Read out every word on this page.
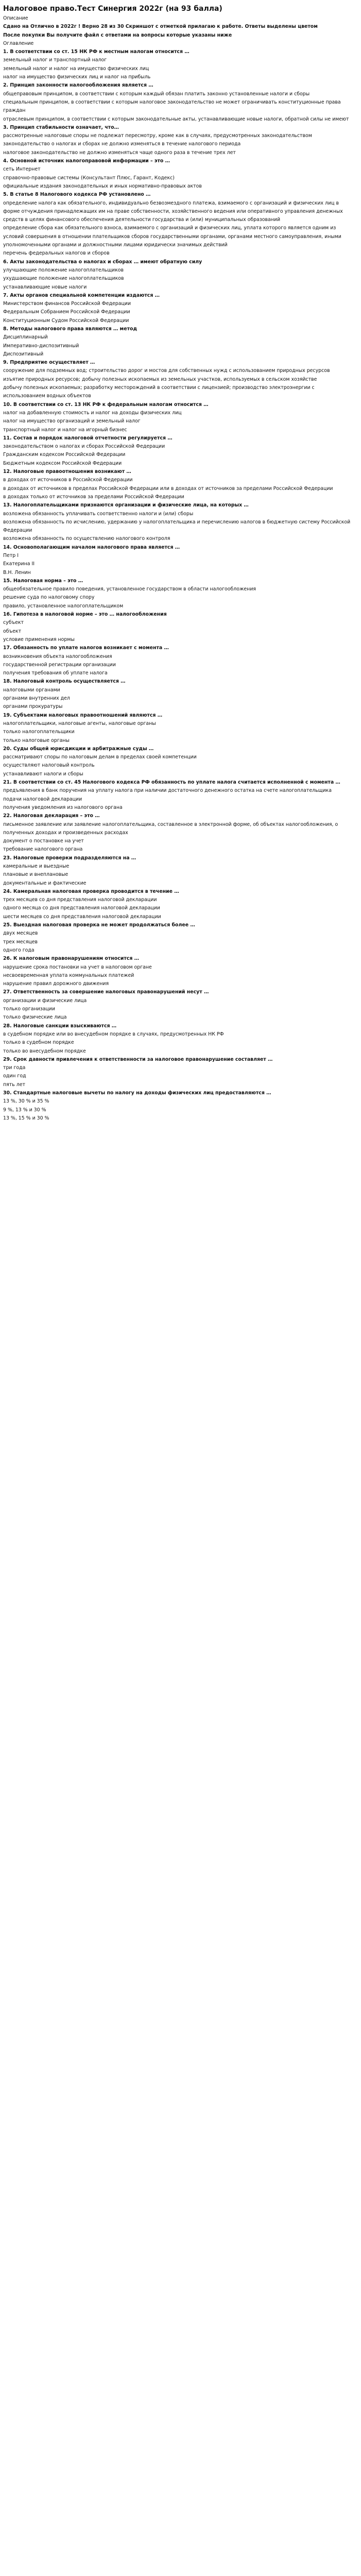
Налоговое право.Тест Синергия 2022г (на 93 балла)

Описание

Сдано на Отлично в 2022г ! Верно 28 из 30 Скриншот с отметкой прилагаю к работе. Ответы выделены цветом

После покупки Вы получите файл с ответами на вопросы которые указаны ниже

Оглавление

1. В соответствии со ст. 15 НК РФ к местным налогам относится …

земельный налог и транспортный налог

земельный налог и налог на имущество физических лиц

налог на имущество физических лиц и налог на прибыль

2. Принцип законности налогообложения является …

общеправовым принципом, в соответствии с которым каждый обязан платить законно установленные налоги и сборы

специальным принципом, в соответствии с которым налоговое законодательство не может ограничивать конституционные права граждан

отраслевым принципом, в соответствии с которым законодательные акты, устанавливающие новые налоги, обратной силы не имеют

3. Принцип стабильности означает, что…

рассмотренные налоговые споры не подлежат пересмотру, кроме как в случаях, предусмотренных законодательством

законодательство о налогах и сборах не должно изменяться в течение налогового периода

налоговое законодательство не должно изменяться чаще одного раза в течение трех лет

4. Основной источник налогоправовой информации – это …

сеть Интернет

справочно-правовые системы (Консультант Плюс, Гарант, Кодекс)

официальные издания законодательных и иных нормативно-правовых актов

5. В статье 8 Налогового кодекса РФ установлено …

определение налога как обязательного, индивидуально безвозмездного платежа, взимаемого с организаций и физических лиц в форме отчуждения принадлежащих им на праве собственности, хозяйственного ведения или оперативного управления денежных средств в целях финансового обеспечения деятельности государства и (или) муниципальных образований

определение сбора как обязательного взноса, взимаемого с организаций и физических лиц, уплата которого является одним из условий совершения в отношении плательщиков сборов государственными органами, органами местного самоуправления, иными уполномоченными органами и должностными лицами юридически значимых действий

перечень федеральных налогов и сборов

6. Акты законодательства о налогах и сборах … имеют обратную силу

улучшающие положение налогоплательщиков

ухудшающие положение налогоплательщиков

устанавливающие новые налоги

7. Акты органов специальной компетенции издаются …

Министерством финансов Российской Федерации

Федеральным Собранием Российской Федерации

Конституционным Судом Российской Федерации

8. Методы налогового права являются … метод

Дисциплинарный

Императивно-диспозитивный

Диспозитивный

9. Предприятие осуществляет …

сооружение для подземных вод; строительство дорог и мостов для собственных нужд с использованием природных ресурсов

изъятие природных ресурсов; добычу полезных ископаемых из земельных участков, используемых в сельском хозяйстве

добычу полезных ископаемых; разработку месторождений в соответствии с лицензией; производство электроэнергии с использованием водных объектов

10. В соответствии со ст. 13 НК РФ к федеральным налогам относится …

налог на добавленную стоимость и налог на доходы физических лиц

налог на имущество организаций и земельный налог

транспортный налог и налог на игорный бизнес

11. Состав и порядок налоговой отчетности регулируется …

законодательством о налогах и сборах Российской Федерации

Гражданским кодексом Российской Федерации

Бюджетным кодексом Российской Федерации

12. Налоговые правоотношения возникают …

в доходах от источников в Российской Федерации

в доходах от источников в пределах Российской Федерации или в доходах от источников за пределами Российской Федерации

в доходах только от источников за пределами Российской Федерации

13. Налогоплательщиками признаются организации и физические лица, на которых …

возложена обязанность уплачивать соответственно налоги и (или) сборы

возложена обязанность по исчислению, удержанию у налогоплательщика и перечислению налогов в бюджетную систему Российской Федерации

возложена обязанность по осуществлению налогового контроля

14. Основополагающим началом налогового права является …

Петр I

Екатерина II

В.Н. Ленин

15. Налоговая норма – это …

общеобязательное правило поведения, установленное государством в области налогообложения

решение суда по налоговому спору

правило, установленное налогоплательщиком

16. Гипотеза в налоговой норме – это … налогообложения

субъект

объект

условие применения нормы

17. Обязанность по уплате налогов возникает с момента …

возникновения объекта налогообложения

государственной регистрации организации

получения требования об уплате налога

18. Налоговый контроль осуществляется …

налоговыми органами

органами внутренних дел

органами прокуратуры

19. Субъектами налоговых правоотношений являются …

налогоплательщики, налоговые агенты, налоговые органы

только налогоплательщики

только налоговые органы

20. Суды общей юрисдикции и арбитражные суды …

рассматривают споры по налоговым делам в пределах своей компетенции

осуществляют налоговый контроль

устанавливают налоги и сборы

21. В соответствии со ст. 45 Налогового кодекса РФ обязанность по уплате налога считается исполненной с момента …

предъявления в банк поручения на уплату налога при наличии достаточного денежного остатка на счете налогоплательщика

подачи налоговой декларации

получения уведомления из налогового органа

22. Налоговая декларация – это …

письменное заявление или заявление налогоплательщика, составленное в электронной форме, об объектах налогообложения, о полученных доходах и произведенных расходах

документ о постановке на учет

требование налогового органа

23. Налоговые проверки подразделяются на …

камеральные и выездные

плановые и внеплановые

документальные и фактические

24. Камеральная налоговая проверка проводится в течение …

трех месяцев со дня представления налоговой декларации

одного месяца со дня представления налоговой декларации

шести месяцев со дня представления налоговой декларации

25. Выездная налоговая проверка не может продолжаться более …

двух месяцев

трех месяцев

одного года

26. К налоговым правонарушениям относится …

нарушение срока постановки на учет в налоговом органе

несвоевременная уплата коммунальных платежей

нарушение правил дорожного движения

27. Ответственность за совершение налоговых правонарушений несут …

организации и физические лица

только организации

только физические лица

28. Налоговые санкции взыскиваются …

в судебном порядке или во внесудебном порядке в случаях, предусмотренных НК РФ

только в судебном порядке

только во внесудебном порядке

29. Срок давности привлечения к ответственности за налоговое правонарушение составляет …

три года

один год

пять лет

30. Стандартные налоговые вычеты по налогу на доходы физических лиц предоставляются …

13 %, 30 % и 35 %

9 %, 13 % и 30 %

13 %, 15 % и 30 %
